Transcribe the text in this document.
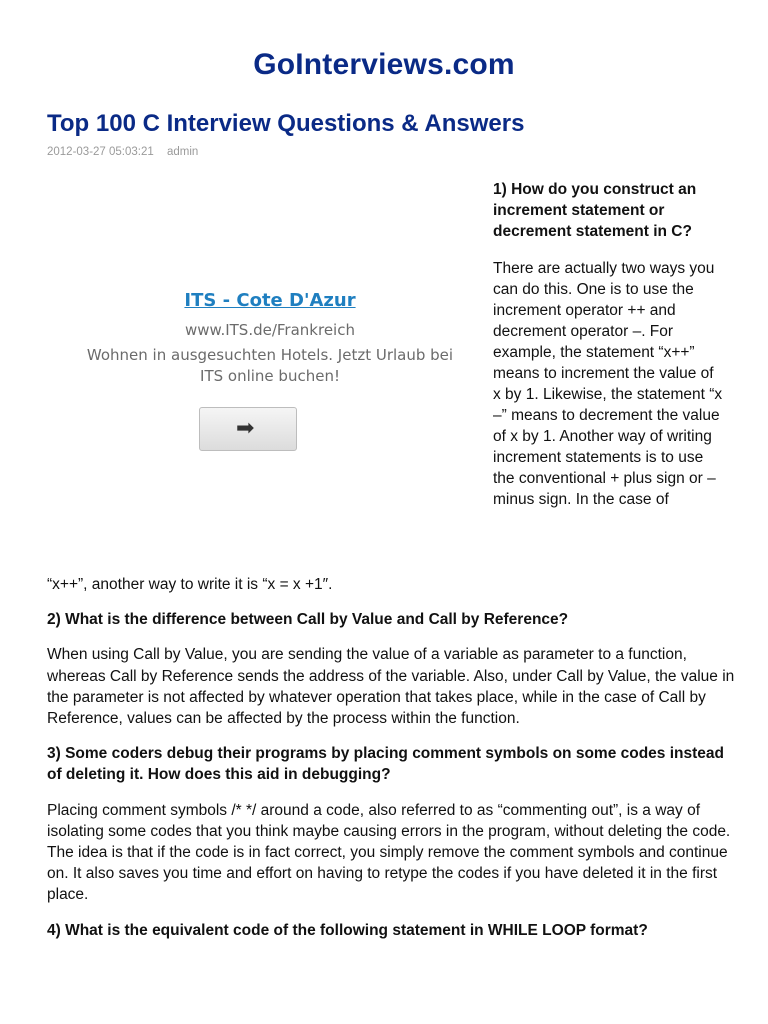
GoInterviews.com
Top 100 C Interview Questions & Answers
2012-03-27 05:03:21 admin
ITS - Cote D'Azur
www.ITS.de/Frankreich
Wohnen in ausgesuchten Hotels. Jetzt Urlaub bei ITS online buchen!
➡

1) How do you construct an increment statement or decrement statement in C?

There are actually two ways you can do this. One is to use the increment operator ++ and decrement operator –. For example, the statement “x++” means to increment the value of x by 1. Likewise, the statement “x –” means to decrement the value of x by 1. Another way of writing increment statements is to use the conventional + plus sign or – minus sign. In the case of

“x++”, another way to write it is “x = x +1″.

2) What is the difference between Call by Value and Call by Reference?

When using Call by Value, you are sending the value of a variable as parameter to a function, whereas Call by Reference sends the address of the variable. Also, under Call by Value, the value in the parameter is not affected by whatever operation that takes place, while in the case of Call by Reference, values can be affected by the process within the function.

3) Some coders debug their programs by placing comment symbols on some codes instead of deleting it. How does this aid in debugging?

Placing comment symbols /* */ around a code, also referred to as “commenting out”, is a way of isolating some codes that you think maybe causing errors in the program, without deleting the code. The idea is that if the code is in fact correct, you simply remove the comment symbols and continue on. It also saves you time and effort on having to retype the codes if you have deleted it in the first place.

4) What is the equivalent code of the following statement in WHILE LOOP format?
